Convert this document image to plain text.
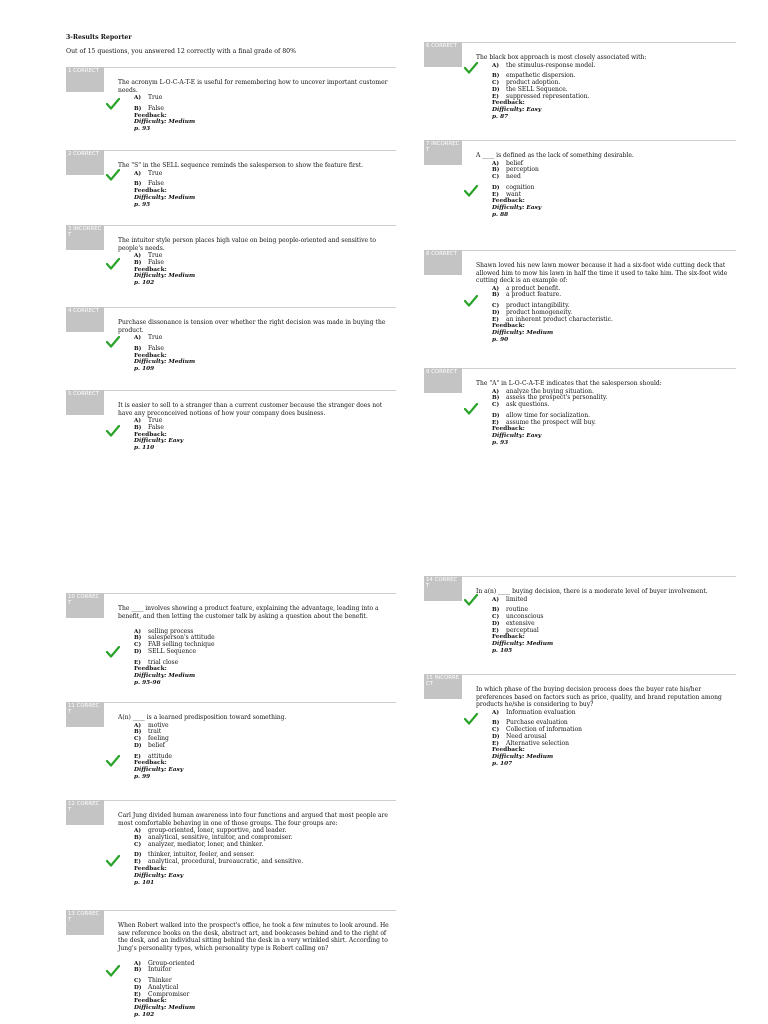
3-Results Reporter
Out of 15 questions, you answered 12 correctly with a final grade of 80%
1 CORRECT
The acronym L-O-C-A-T-E is useful for remembering how to uncover important customer needs.
A)	True
B)	False
Feedback:
Difficulty: Medium
p. 93
2 CORRECT
The "S" in the SELL sequence reminds the salesperson to show the feature first.
A)	True
B)	False
Feedback:
Difficulty: Medium
p. 95
3 INCORRECT
The intuitor style person places high value on being people-oriented and sensitive to people's needs.
A)	True
B)	False
Feedback:
Difficulty: Medium
p. 102
4 CORRECT
Purchase dissonance is tension over whether the right decision was made in buying the product.
A)	True
B)	False
Feedback:
Difficulty: Medium
p. 109
5 CORRECT
It is easier to sell to a stranger than a current customer because the stranger does not have any preconceived notions of how your company does business.
A)	True
B)	False
Feedback:
Difficulty: Easy
p. 110
6 CORRECT
The black box approach is most closely associated with:
A)	the stimulus-response model.
B)	empathetic dispersion.
C)	product adoption.
D)	the SELL Sequence.
E)	suppressed representation.
Feedback:
Difficulty: Easy
p. 87
7 INCORRECT
A ____ is defined as the lack of something desirable.
A)	belief
B)	perception
C)	need
D)	cognition
E)	want
Feedback:
Difficulty: Easy
p. 88
8 CORRECT
Shawn loved his new lawn mower because it had a six-foot wide cutting deck that allowed him to mow his lawn in half the time it used to take him. The six-foot wide cutting deck is an example of:
A)	a product benefit.
B)	a product feature.
C)	product intangibility.
D)	product homogeneity.
E)	an inherent product characteristic.
Feedback:
Difficulty: Medium
p. 90
9 CORRECT
The "A" in L-O-C-A-T-E indicates that the salesperson should:
A)	analyze the buying situation.
B)	assess the prospect's personality.
C)	ask questions.
D)	allow time for socialization.
E)	assume the prospect will buy.
Feedback:
Difficulty: Easy
p. 93
10 CORRECT
The ____ involves showing a product feature, explaining the advantage, leading into a benefit, and then letting the customer talk by asking a question about the benefit.
A)	selling process
B)	salesperson's attitude
C)	FAB selling technique
D)	SELL Sequence
E)	trial close
Feedback:
Difficulty: Medium
p. 95-96
11 CORRECT
A(n) ____ is a learned predisposition toward something.
A)	motive
B)	trait
C)	feeling
D)	belief
E)	attitude
Feedback:
Difficulty: Easy
p. 99
12 CORRECT
Carl Jung divided human awareness into four functions and argued that most people are most comfortable behaving in one of those groups. The four groups are:
A)	group-oriented, loner, supportive, and leader.
B)	analytical, sensitive, intuitor, and compromiser.
C)	analyzer, mediator, loner, and thinker.
D)	thinker, intuitor, feeler, and senser.
E)	analytical, procedural, bureaucratic, and sensitive.
Feedback:
Difficulty: Easy
p. 101
13 CORRECT
When Robert walked into the prospect's office, he took a few minutes to look around. He saw reference books on the desk, abstract art, and bookcases behind and to the right of the desk, and an individual sitting behind the desk in a very wrinkled shirt. According to Jung's personality types, which personality type is Robert calling on?
A)	Group-oriented
B)	Intuitor
C)	Thinker
D)	Analytical
E)	Compromiser
Feedback:
Difficulty: Medium
p. 102
14 CORRECT
In a(n) ____ buying decision, there is a moderate level of buyer involvement.
A)	limited
B)	routine
C)	unconscious
D)	extensive
E)	perceptual
Feedback:
Difficulty: Medium
p. 105
15 INCORRECT
In which phase of the buying decision process does the buyer rate his/her preferences based on factors such as price, quality, and brand reputation among products he/she is considering to buy?
A)	Information evaluation
B)	Purchase evaluation
C)	Collection of information
D)	Need arousal
E)	Alternative selection
Feedback:
Difficulty: Medium
p. 107
